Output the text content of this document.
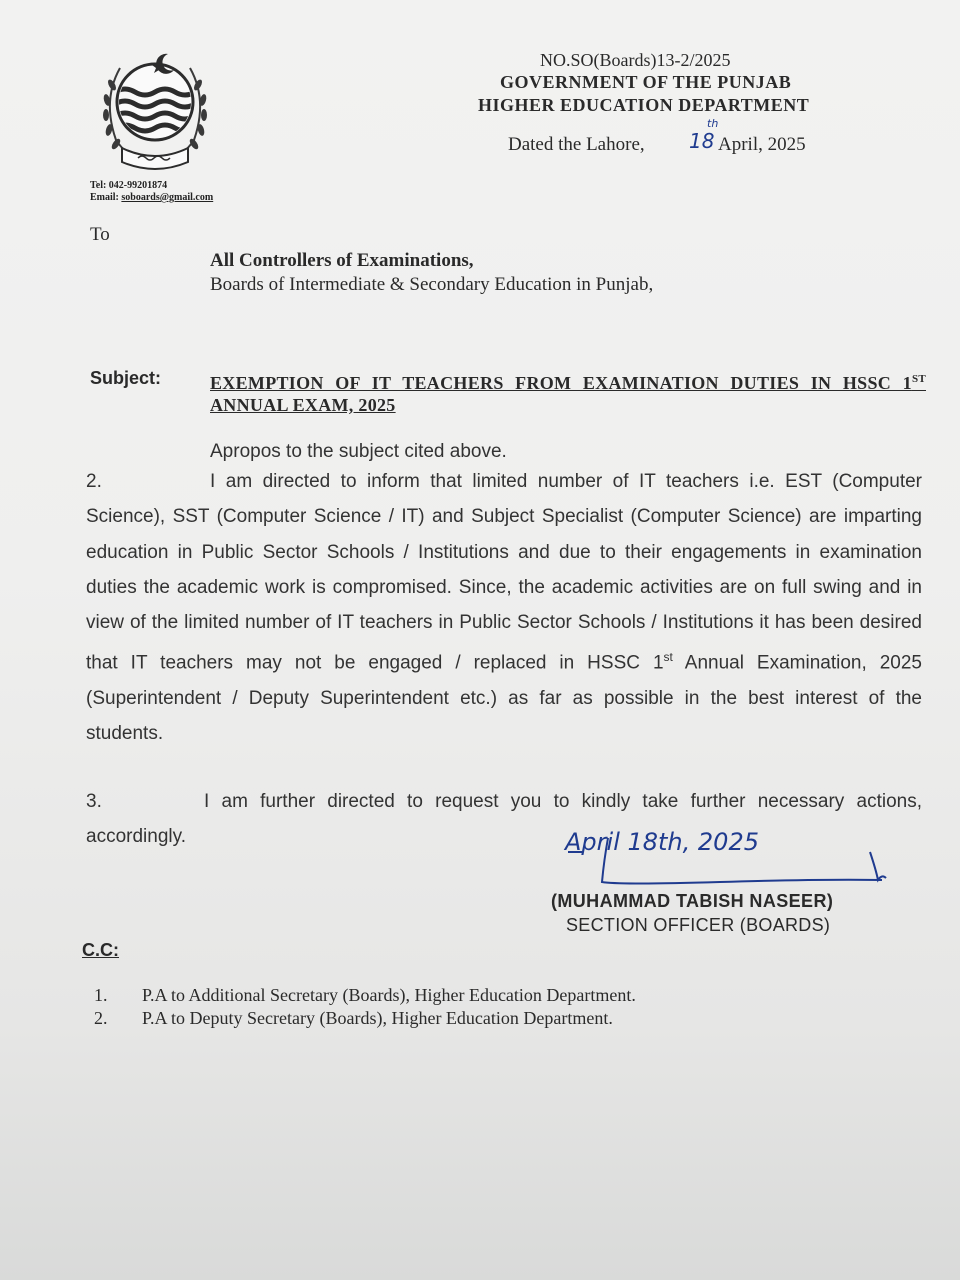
Tel: 042-99201874
Email: soboards@gmail.com
NO.SO(Boards)13-2/2025
GOVERNMENT OF THE PUNJAB
HIGHER EDUCATION DEPARTMENT
Dated the Lahore, 18
th
April, 2025
To
All Controllers of Examinations,
Boards of Intermediate & Secondary Education in Punjab,
Subject:	EXEMPTION OF IT TEACHERS FROM EXAMINATION DUTIES IN HSSC 1ST ANNUAL EXAM, 2025
Apropos to the subject cited above.
2.	I am directed to inform that limited number of IT teachers i.e. EST (Computer Science), SST (Computer Science / IT) and Subject Specialist (Computer Science) are imparting education in Public Sector Schools / Institutions and due to their engagements in examination duties the academic work is compromised. Since, the academic activities are on full swing and in view of the limited number of IT teachers in Public Sector Schools / Institutions it has been desired that IT teachers may not be engaged / replaced in HSSC 1st Annual Examination, 2025 (Superintendent / Deputy Superintendent etc.) as far as possible in the best interest of the students.
3.	I am further directed to request you to kindly take further necessary actions, accordingly.	April 18th, 2025
(MUHAMMAD TABISH NASEER)
SECTION OFFICER (BOARDS)
C.C:
1. P.A to Additional Secretary (Boards), Higher Education Department.
2. P.A to Deputy Secretary (Boards), Higher Education Department.
